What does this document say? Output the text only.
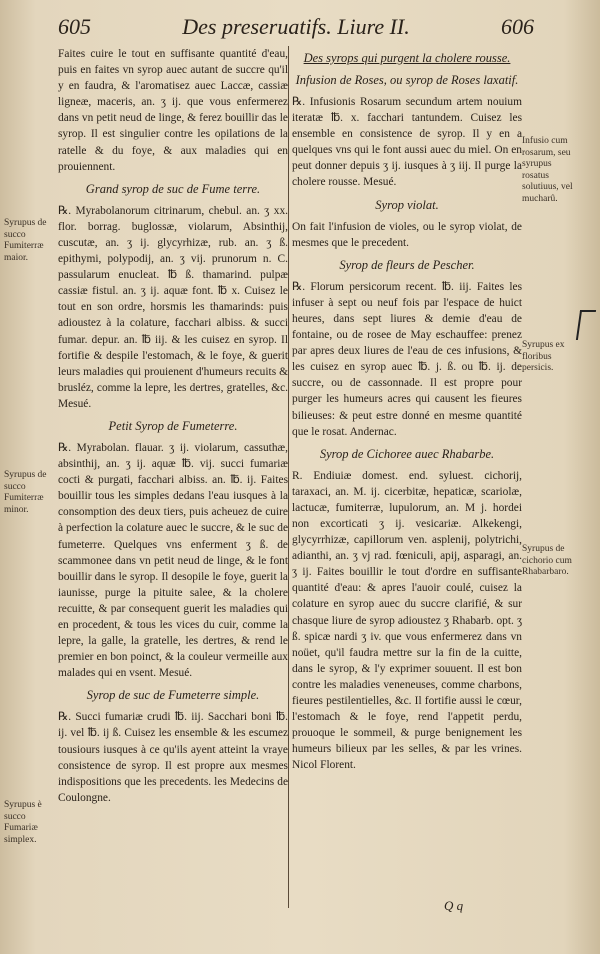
605	Des preseruatifs. Liure II.	606

Faites cuire le tout en suffisante quantité d'eau, puis en faites vn syrop auec autant de succre qu'il y en faudra, & l'aromatisez auec Laccæ, cassiæ ligneæ, maceris, an. ʒ ij. que vous enfermerez dans vn petit neud de linge, & ferez bouillir das le syrop. Il est singulier contre les opilations de la ratelle & du foye, & aux maladies qui en prouiennent.

Grand syrop de suc de Fume terre.

℞. Myrabolanorum citrinarum, chebul. an. ʒ xx. flor. borrag. buglossæ, violarum, Absinthij, cuscutæ, an. ʒ ij. glycyrhizæ, rub. an. ʒ ß. epithymi, polypodij, an. ʒ vij. prunorum n. C. passularum enucleat. ℔ ß. thamarind. pulpæ cassiæ fistul. an. ʒ ij. aquæ font. ℔ x. Cuisez le tout en son ordre, horsmis les thamarinds: puis adioustez à la colature, facchari albiss. & succi fumar. depur. an. ℔ iij. & les cuisez en syrop. Il fortifie & despile l'estomach, & le foye, & guerit leurs maladies qui prouienent d'humeurs recuits & brusléz, comme la lepre, les dertres, gratelles, &c. Mesué.

Petit Syrop de Fumeterre.

℞. Myrabolan. flauar. ʒ ij. violarum, cassuthæ, absinthij, an. ʒ ij. aquæ ℔. vij. succi fumariæ cocti & purgati, facchari albiss. an. ℔. ij. Faites bouillir tous les simples dedans l'eau iusques à la consomption des deux tiers, puis acheuez de cuire à perfection la colature auec le succre, & le suc de fumeterre. Quelques vns enferment ʒ ß. de scammonee dans vn petit neud de linge, & le font bouillir dans le syrop. Il desopile le foye, guerit la iaunisse, purge la pituite salee, & la cholere recuitte, & par consequent guerit les maladies qui en procedent, & tous les vices du cuir, comme la lepre, la galle, la gratelle, les dertres, & rend le premier en bon poinct, & la couleur vermeille aux malades qui en vsent. Mesué.

Syrop de suc de Fumeterre simple.

℞. Succi fumariæ crudi ℔. iij. Sacchari boni ℔. ij. vel ℔. ij ß. Cuisez les ensemble & les escumez tousiours iusques à ce qu'ils ayent atteint la vraye consistence de syrop. Il est propre aux mesmes indispositions que les precedents. les Medecins de Coulongne.

Syrupus de succo Fumiterræ maior.
Syrupus de succo Fumiterræ minor.
Syrupus è succo Fumariæ simplex.
Des syrops qui purgent la cholere rousse.
Infusion de Roses, ou syrop de Roses laxatif.

℞. Infusionis Rosarum secundum artem nouium iteratæ ℔. x. facchari tantundem. Cuisez les ensemble en consistence de syrop. Il y en a quelques vns qui le font aussi auec du miel. On en peut donner depuis ʒ ij. iusques à ʒ iij. Il purge la cholere rousse. Mesué.

Syrop violat.

On fait l'infusion de violes, ou le syrop violat, de mesmes que le precedent.

Syrop de fleurs de Pescher.

℞. Florum persicorum recent. ℔. iij. Faites les infuser à sept ou neuf fois par l'espace de huict heures, dans sept liures & demie d'eau de fontaine, ou de rosee de May eschauffee: prenez par apres deux liures de l'eau de ces infusions, & les cuisez en syrop auec ℔. j. ß. ou ℔. ij. de succre, ou de cassonnade. Il est propre pour purger les humeurs acres qui causent les fieures bilieuses: & peut estre donné en mesme quantité que le rosat. Andernac.

Syrop de Cichoree auec Rhabarbe.

R. Endiuiæ domest. end. syluest. cichorij, taraxaci, an. M. ij. cicerbitæ, hepaticæ, scariolæ, lactucæ, fumiterræ, lupulorum, an. M j. hordei non excorticati ʒ ij. vesicariæ. Alkekengi, glycyrrhizæ, capillorum ven. asplenij, polytrichi, adianthi, an. ʒ vj rad. fœniculi, apij, asparagi, an. ʒ ij. Faites bouillir le tout d'ordre en suffisante quantité d'eau: & apres l'auoir coulé, cuisez la colature en syrop auec du succre clarifié, & sur chasque liure de syrop adioustez ʒ Rhabarb. opt. ʒ ß. spicæ nardi ʒ iv. que vous enfermerez dans vn noüet, qu'il faudra mettre sur la fin de la cuitte, dans le syrop, & l'y exprimer souuent. Il est bon contre les maladies veneneuses, comme charbons, fieures pestilentielles, &c. Il fortifie aussi le cœur, l'estomach & le foye, rend l'appetit perdu, prouoque le sommeil, & purge benignement les humeurs bilieux par les selles, & par les vrines. Nicol Florent.

Infusio cum rosarum, seu syrupus rosatus solutiuus, vel mucharû.
Syrupus ex floribus persicis.
Syrupus de cichorio cum Rhabarbaro.
Q q
